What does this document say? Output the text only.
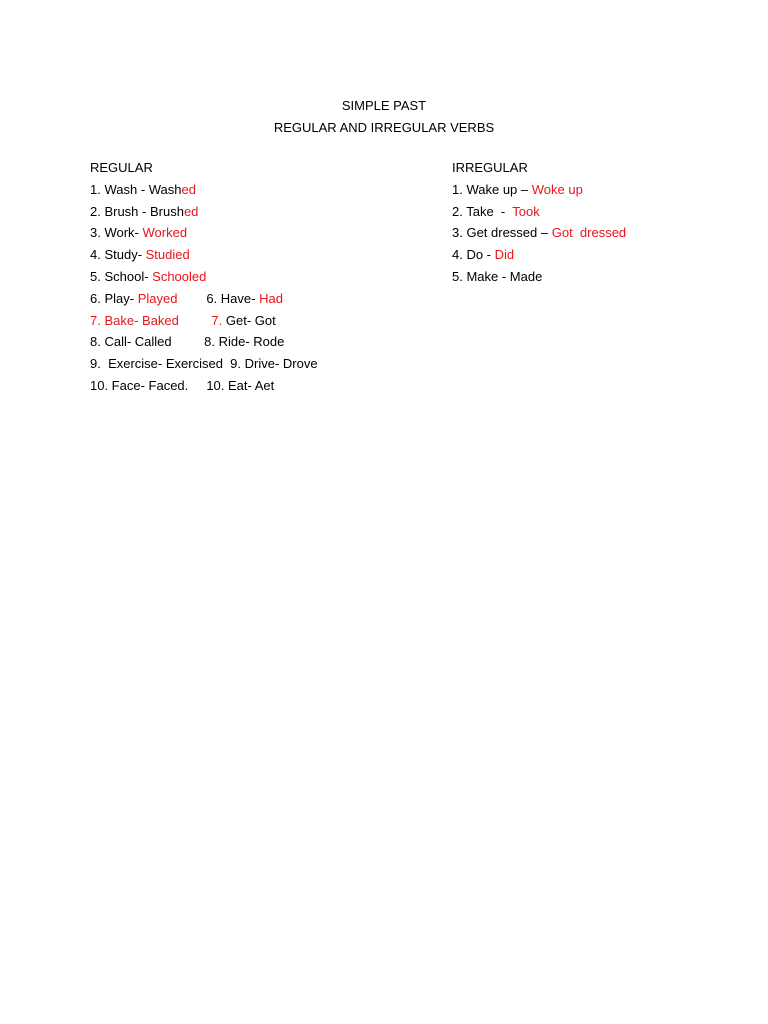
SIMPLE PAST
REGULAR AND IRREGULAR VERBS
REGULAR
1. Wash - Washed
2. Brush - Brushed
3. Work- Worked
4. Study- Studied
5. School- Schooled
6. Play- Played        6. Have- Had
7. Bake- Baked         7. Get- Got
8. Call- Called         8. Ride- Rode
9.  Exercise- Exercised  9. Drive- Drove
10. Face- Faced.     10. Eat- Aet
IRREGULAR
1. Wake up – Woke up
2. Take  -  Took
3. Get dressed – Got  dressed
4. Do - Did
5. Make - Made
